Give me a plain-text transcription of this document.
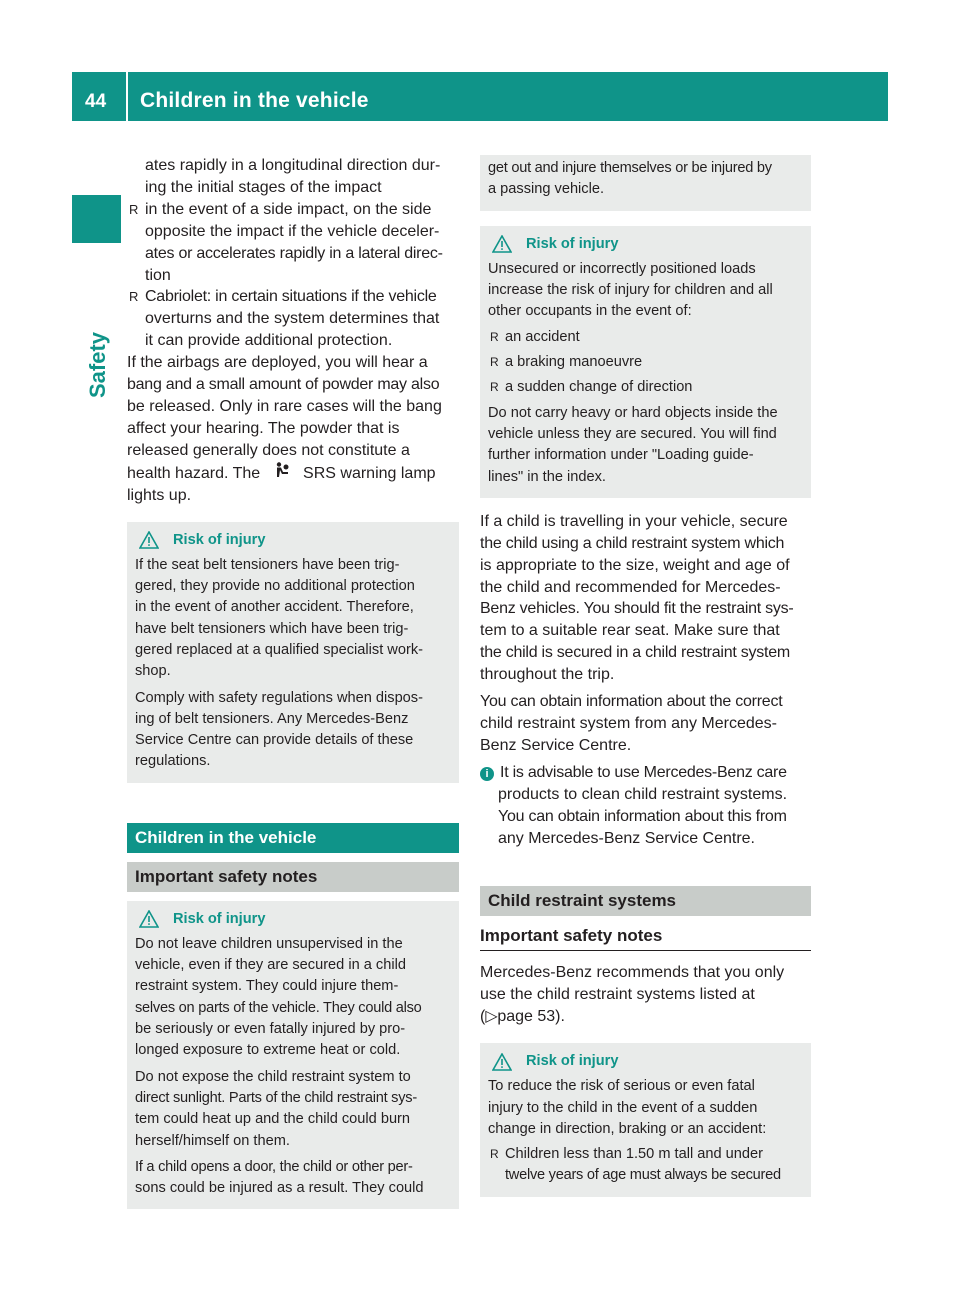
44 Children in the vehicle
Safety

ates rapidly in a longitudinal direction dur-

ing the initial stages of the impact

R in the event of a side impact, on the side

opposite the impact if the vehicle deceler-

ates or accelerates rapidly in a lateral direc-

tion

R Cabriolet: in certain situations if the vehicle

overturns and the system determines that

it can provide additional protection.

If the airbags are deployed, you will hear a

bang and a small amount of powder may also

be released. Only in rare cases will the bang

affect your hearing. The powder that is

released generally does not constitute a

health hazard. The	SRS warning lamp

lights up.

Risk of injury

If the seat belt tensioners have been trig-
gered, they provide no additional protection
in the event of another accident. Therefore,
have belt tensioners which have been trig-
gered replaced at a qualified specialist work-
shop.

Comply with safety regulations when dispos-
ing of belt tensioners. Any Mercedes-Benz
Service Centre can provide details of these
regulations.

Children in the vehicle
Important safety notes
Risk of injury

Do not leave children unsupervised in the
vehicle, even if they are secured in a child
restraint system. They could injure them-
selves on parts of the vehicle. They could also
be seriously or even fatally injured by pro-
longed exposure to extreme heat or cold.

Do not expose the child restraint system to
direct sunlight. Parts of the child restraint sys-
tem could heat up and the child could burn
herself/himself on them.

If a child opens a door, the child or other per-
sons could be injured as a result. They could

get out and injure themselves or be injured by
a passing vehicle.

Risk of injury

Unsecured or incorrectly positioned loads
increase the risk of injury for children and all
other occupants in the event of:

R an accident
R a braking manoeuvre
R a sudden change of direction

Do not carry heavy or hard objects inside the
vehicle unless they are secured. You will find
further information under "Loading guide-
lines" in the index.

If a child is travelling in your vehicle, secure
the child using a child restraint system which
is appropriate to the size, weight and age of
the child and recommended for Mercedes-
Benz vehicles. You should fit the restraint sys-
tem to a suitable rear seat. Make sure that
the child is secured in a child restraint system
throughout the trip.

You can obtain information about the correct
child restraint system from any Mercedes-
Benz Service Centre.

i It is advisable to use Mercedes-Benz care

products to clean child restraint systems.

You can obtain information about this from

any Mercedes-Benz Service Centre.

Child restraint systems
Important safety notes

Mercedes-Benz recommends that you only
use the child restraint systems listed at
(▷page 53).

Risk of injury

To reduce the risk of serious or even fatal
injury to the child in the event of a sudden
change in direction, braking or an accident:

R Children less than 1.50 m tall and under
twelve years of age must always be secured
